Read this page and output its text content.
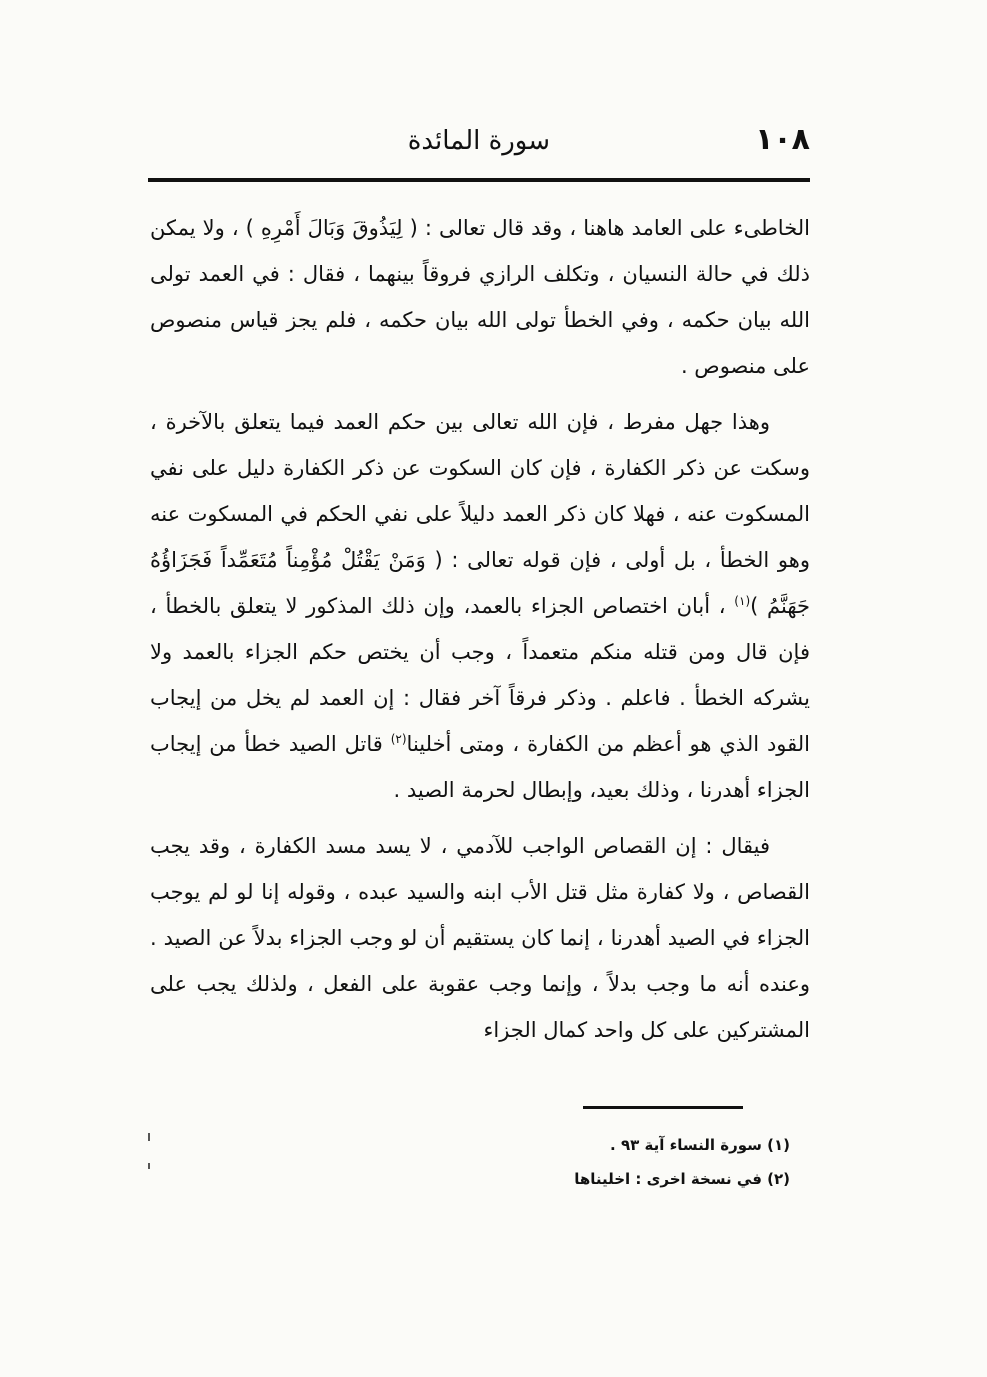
١٠٨
سورة المائدة

الخاطىء على العامد هاهنا ، وقد قال تعالى : ( لِيَذُوقَ وَبَالَ أَمْرِهِ ) ، ولا يمكن ذلك في حالة النسيان ، وتكلف الرازي فروقاً بينهما ، فقال : في العمد تولى الله بيان حكمه ، وفي الخطأ تولى الله بيان حكمه ، فلم يجز قياس منصوص على منصوص .

وهذا جهل مفرط ، فإن الله تعالى بين حكم العمد فيما يتعلق بالآخرة ، وسكت عن ذكر الكفارة ، فإن كان السكوت عن ذكر الكفارة دليل على نفي المسكوت عنه ، فهلا كان ذكر العمد دليلاً على نفي الحكم في المسكوت عنه وهو الخطأ ، بل أولى ، فإن قوله تعالى : ( وَمَنْ يَقْتُلْ مُؤْمِناً مُتَعَمِّداً فَجَزَاؤُهُ جَهَنَّمُ )$^{(١)}$ ، أبان اختصاص الجزاء بالعمد، وإن ذلك المذكور لا يتعلق بالخطأ ، فإن قال ومن قتله منكم متعمداً ، وجب أن يختص حكم الجزاء بالعمد ولا يشركه الخطأ . فاعلم . وذكر فرقاً آخر فقال : إن العمد لم يخل من إيجاب القود الذي هو أعظم من الكفارة ، ومتى أخلينا$^{(٢)}$ قاتل الصيد خطأ من إيجاب الجزاء أهدرنا ، وذلك بعيد، وإبطال لحرمة الصيد .

فيقال : إن القصاص الواجب للآدمي ، لا يسد مسد الكفارة ، وقد يجب القصاص ، ولا كفارة مثل قتل الأب ابنه والسيد عبده ، وقوله إنا لو لم يوجب الجزاء في الصيد أهدرنا ، إنما كان يستقيم أن لو وجب الجزاء بدلاً عن الصيد . وعنده أنه ما وجب بدلاً ، وإنما وجب عقوبة على الفعل ، ولذلك يجب على المشتركين على كل واحد كمال الجزاء

(١) سورة النساء آية ٩٣ .
(٢) في نسخة اخرى : اخليناها
